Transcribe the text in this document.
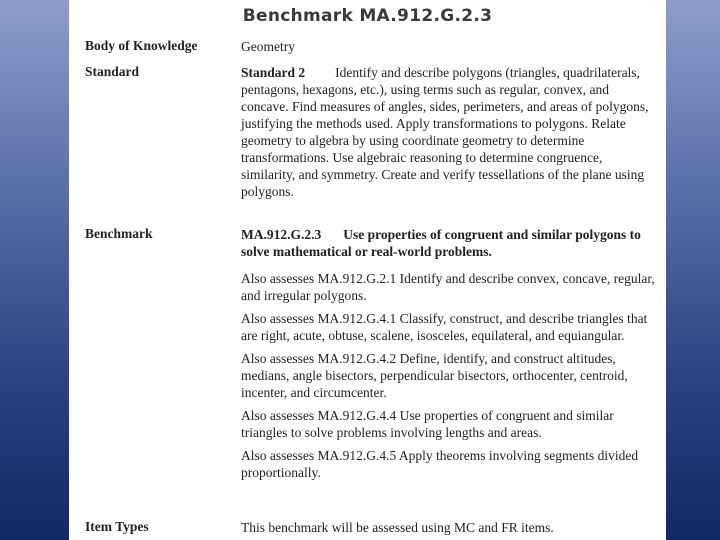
Benchmark MA.912.G.2.3
Body of Knowledge	Geometry
Standard	Standard 2 Identify and describe polygons (triangles, quadrilaterals, pentagons, hexagons, etc.), using terms such as regular, convex, and concave. Find measures of angles, sides, perimeters, and areas of polygons, justifying the methods used. Apply transformations to polygons. Relate geometry to algebra by using coordinate geometry to determine transformations. Use algebraic reasoning to determine congruence, similarity, and symmetry. Create and verify tessellations of the plane using polygons.
Benchmark	MA.912.G.2.3 Use properties of congruent and similar polygons to solve mathematical or real-world problems.

Also assesses MA.912.G.2.1 Identify and describe convex, concave, regular, and irregular polygons.

Also assesses MA.912.G.4.1 Classify, construct, and describe triangles that are right, acute, obtuse, scalene, isosceles, equilateral, and equiangular.

Also assesses MA.912.G.4.2 Define, identify, and construct altitudes, medians, angle bisectors, perpendicular bisectors, orthocenter, centroid, incenter, and circumcenter.

Also assesses MA.912.G.4.4 Use properties of congruent and similar triangles to solve problems involving lengths and areas.

Also assesses MA.912.G.4.5 Apply theorems involving segments divided proportionally.

Item Types	This benchmark will be assessed using MC and FR items.
